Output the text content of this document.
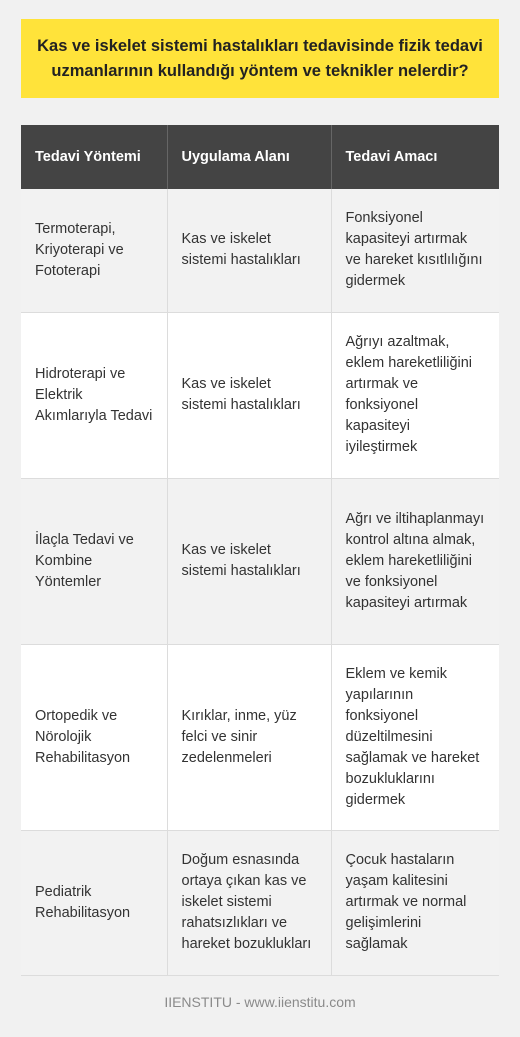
Kas ve iskelet sistemi hastalıkları tedavisinde fizik tedavi uzmanlarının kullandığı yöntem ve teknikler nelerdir?
Tedavi Yöntemi	Uygulama Alanı	Tedavi Amacı
Termoterapi, Kriyoterapi ve Fototerapi	Kas ve iskelet sistemi hastalıkları	Fonksiyonel kapasiteyi artırmak ve hareket kısıtlılığını gidermek
Hidroterapi ve Elektrik Akımlarıyla Tedavi	Kas ve iskelet sistemi hastalıkları	Ağrıyı azaltmak, eklem hareketliliğini artırmak ve fonksiyonel kapasiteyi iyileştirmek
İlaçla Tedavi ve Kombine Yöntemler	Kas ve iskelet sistemi hastalıkları	Ağrı ve iltihaplanmayı kontrol altına almak, eklem hareketliliğini ve fonksiyonel kapasiteyi artırmak
Ortopedik ve Nörolojik Rehabilitasyon	Kırıklar, inme, yüz felci ve sinir zedelenmeleri	Eklem ve kemik yapılarının fonksiyonel düzeltilmesini sağlamak ve hareket bozukluklarını gidermek
Pediatrik Rehabilitasyon	Doğum esnasında ortaya çıkan kas ve iskelet sistemi rahatsızlıkları ve hareket bozuklukları	Çocuk hastaların yaşam kalitesini artırmak ve normal gelişimlerini sağlamak
IIENSTITU - www.iienstitu.com
